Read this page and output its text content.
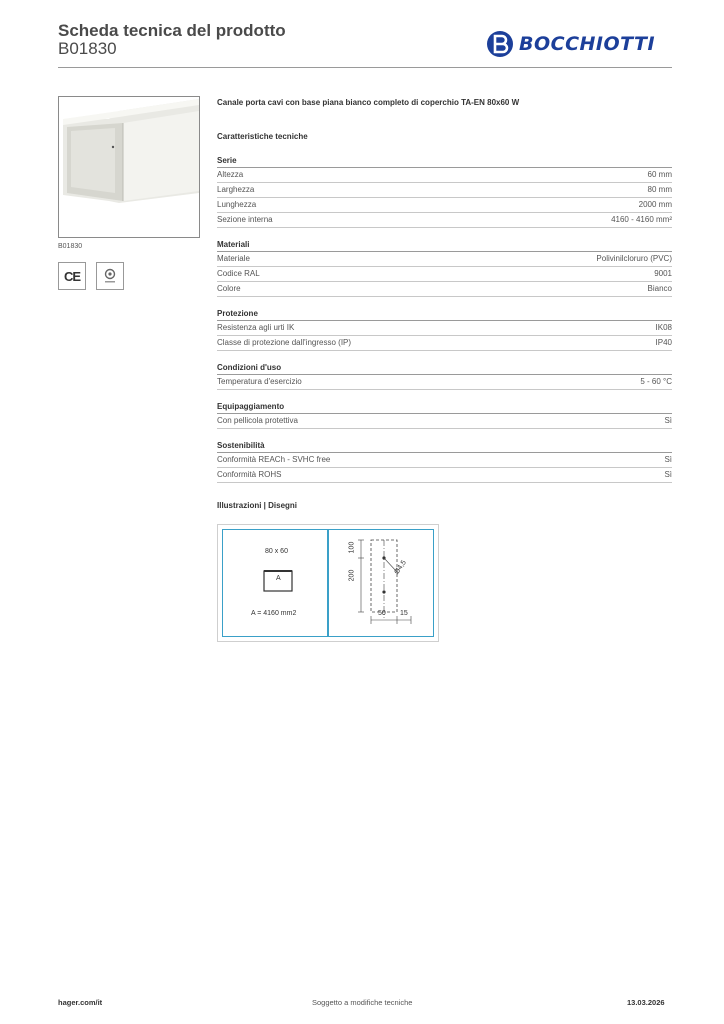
Scheda tecnica del prodotto
B01830	BOCCHIOTTI
B01830
CE
Canale porta cavi con base piana bianco completo di coperchio TA-EN 80x60 W
Caratteristiche tecniche
Serie
Altezza	60 mm
Larghezza	80 mm
Lunghezza	2000 mm
Sezione interna	4160 - 4160 mm²
Materiali
Materiale	Polivinilcloruro (PVC)
Codice RAL	9001
Colore	Bianco
Protezione
Resistenza agli urti IK	IK08
Classe di protezione dall'ingresso (IP)	IP40
Condizioni d'uso
Temperatura d'esercizio	5 - 60 °C
Equipaggiamento
Con pellicola protettiva	Sì
Sostenibilità
Conformità REACh - SVHC free	Sì
Conformità ROHS	Sì
Illustrazioni | Disegni
80 x 60
A
A = 4160 mm2
100
200	Ø4,5
50 15
hager.com/it	Soggetto a modifiche tecniche	13.03.2026
